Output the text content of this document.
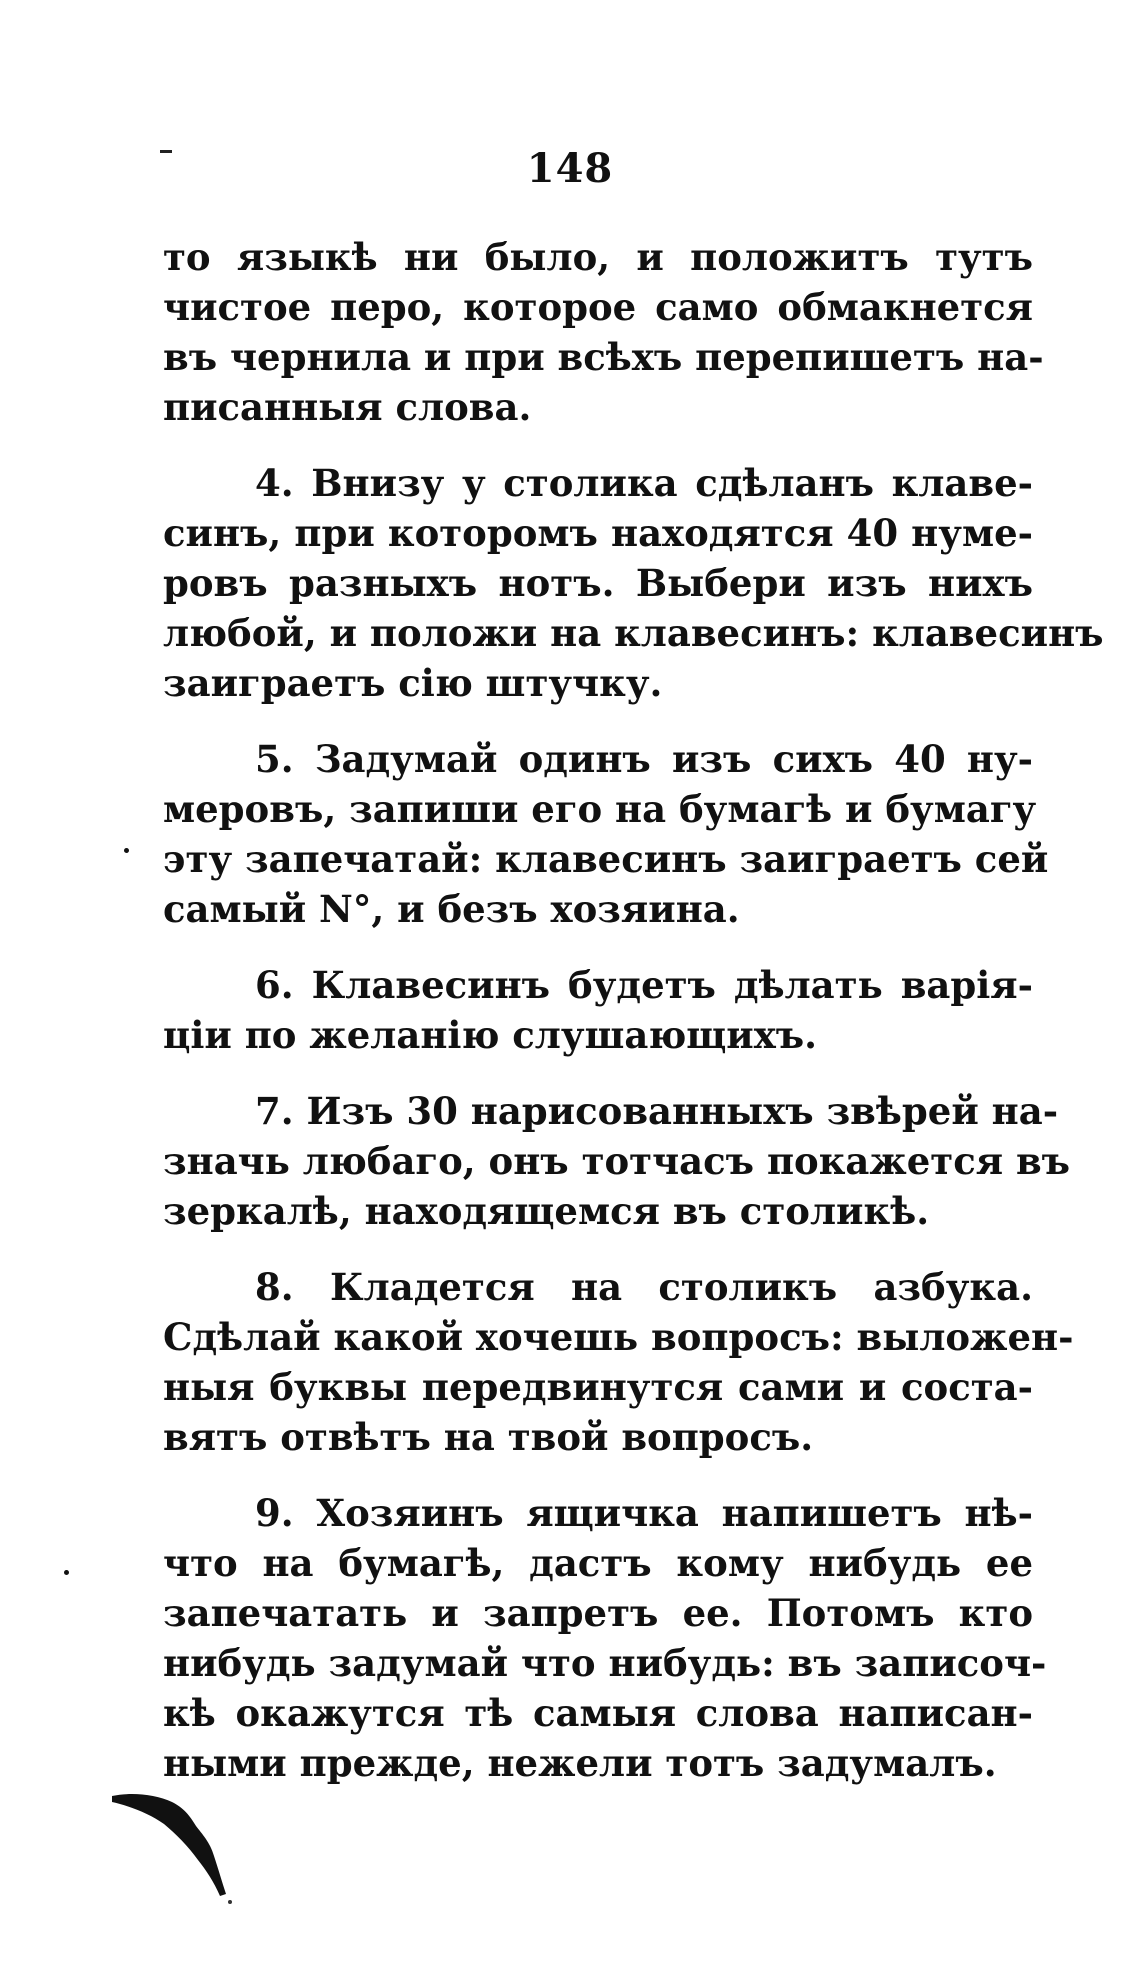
148
то языкѣ ни было, и положитъ тутъ
чистое перо, которое само обмакнется
въ чернила и при всѣхъ перепишетъ на-
писанныя слова.
4. Внизу у столика сдѣланъ клаве-
синъ, при которомъ находятся 40 нуме-
ровъ разныхъ нотъ. Выбери изъ нихъ
любой, и положи на клавесинъ: клавесинъ
заиграетъ сію штучку.
5. Задумай одинъ изъ сихъ 40 ну-
меровъ, запиши его на бумагѣ и бумагу
эту запечатай: клавесинъ заиграетъ сей
самый N°, и безъ хозяина.
6. Клавесинъ будетъ дѣлать варія-
ціи по желанію слушающихъ.
7. Изъ 30 нарисованныхъ звѣрей на-
значь любаго, онъ тотчасъ покажется въ
зеркалѣ, находящемся въ столикѣ.
8. Кладется на столикъ азбука.
Сдѣлай какой хочешь вопросъ: выложен-
ныя буквы передвинутся сами и соста-
вятъ отвѣтъ на твой вопросъ.
9. Хозяинъ ящичка напишетъ нѣ-
что на бумагѣ, дастъ кому нибудь ее
запечатать и запретъ ее. Потомъ кто
нибудь задумай что нибудь: въ записоч-
кѣ окажутся тѣ самыя слова написан-
ными прежде, нежели тотъ задумалъ.
